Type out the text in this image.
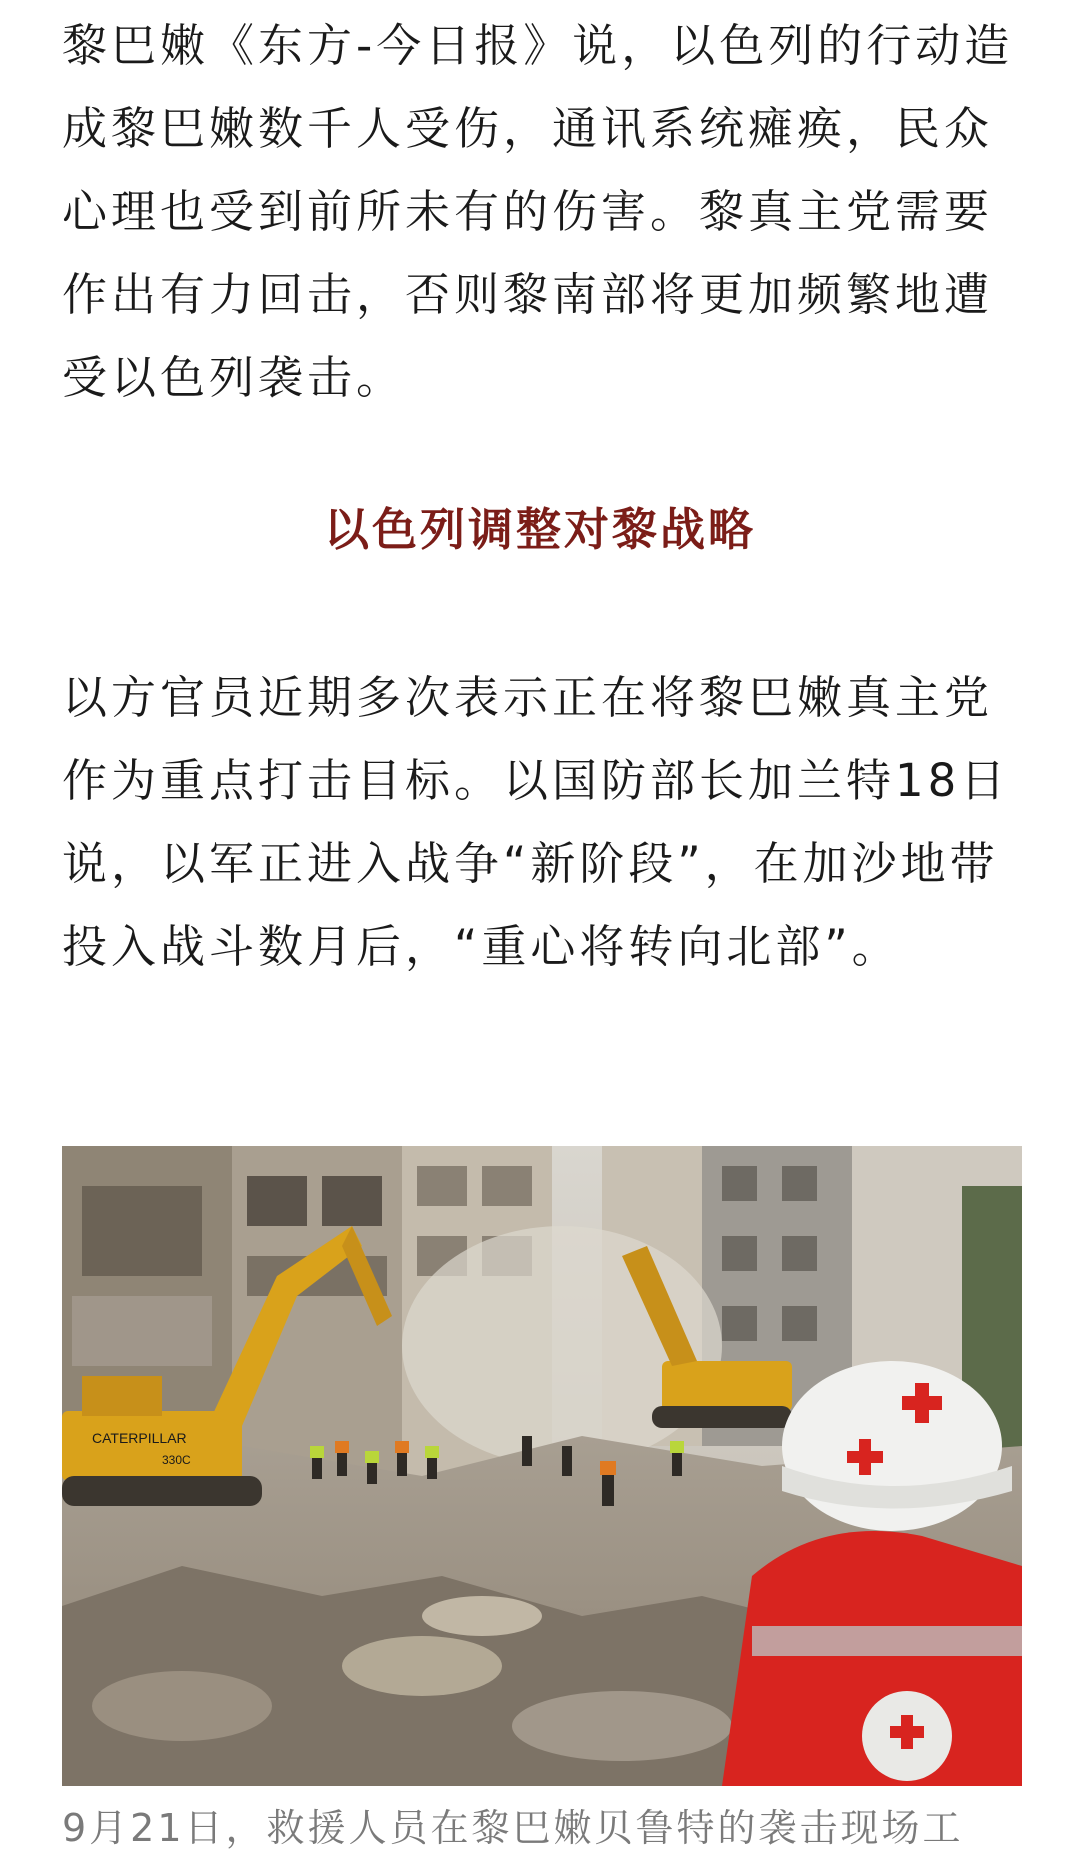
黎巴嫩《东方-今日报》说，以色列的行动造成黎巴嫩数千人受伤，通讯系统瘫痪，民众心理也受到前所未有的伤害。黎真主党需要作出有力回击，否则黎南部将更加频繁地遭受以色列袭击。

以色列调整对黎战略

以方官员近期多次表示正在将黎巴嫩真主党作为重点打击目标。以国防部长加兰特18日说，以军正进入战争“新阶段”，在加沙地带投入战斗数月后，“重心将转向北部”。

CATERPILLAR
330C
9月21日，救援人员在黎巴嫩贝鲁特的袭击现场工
